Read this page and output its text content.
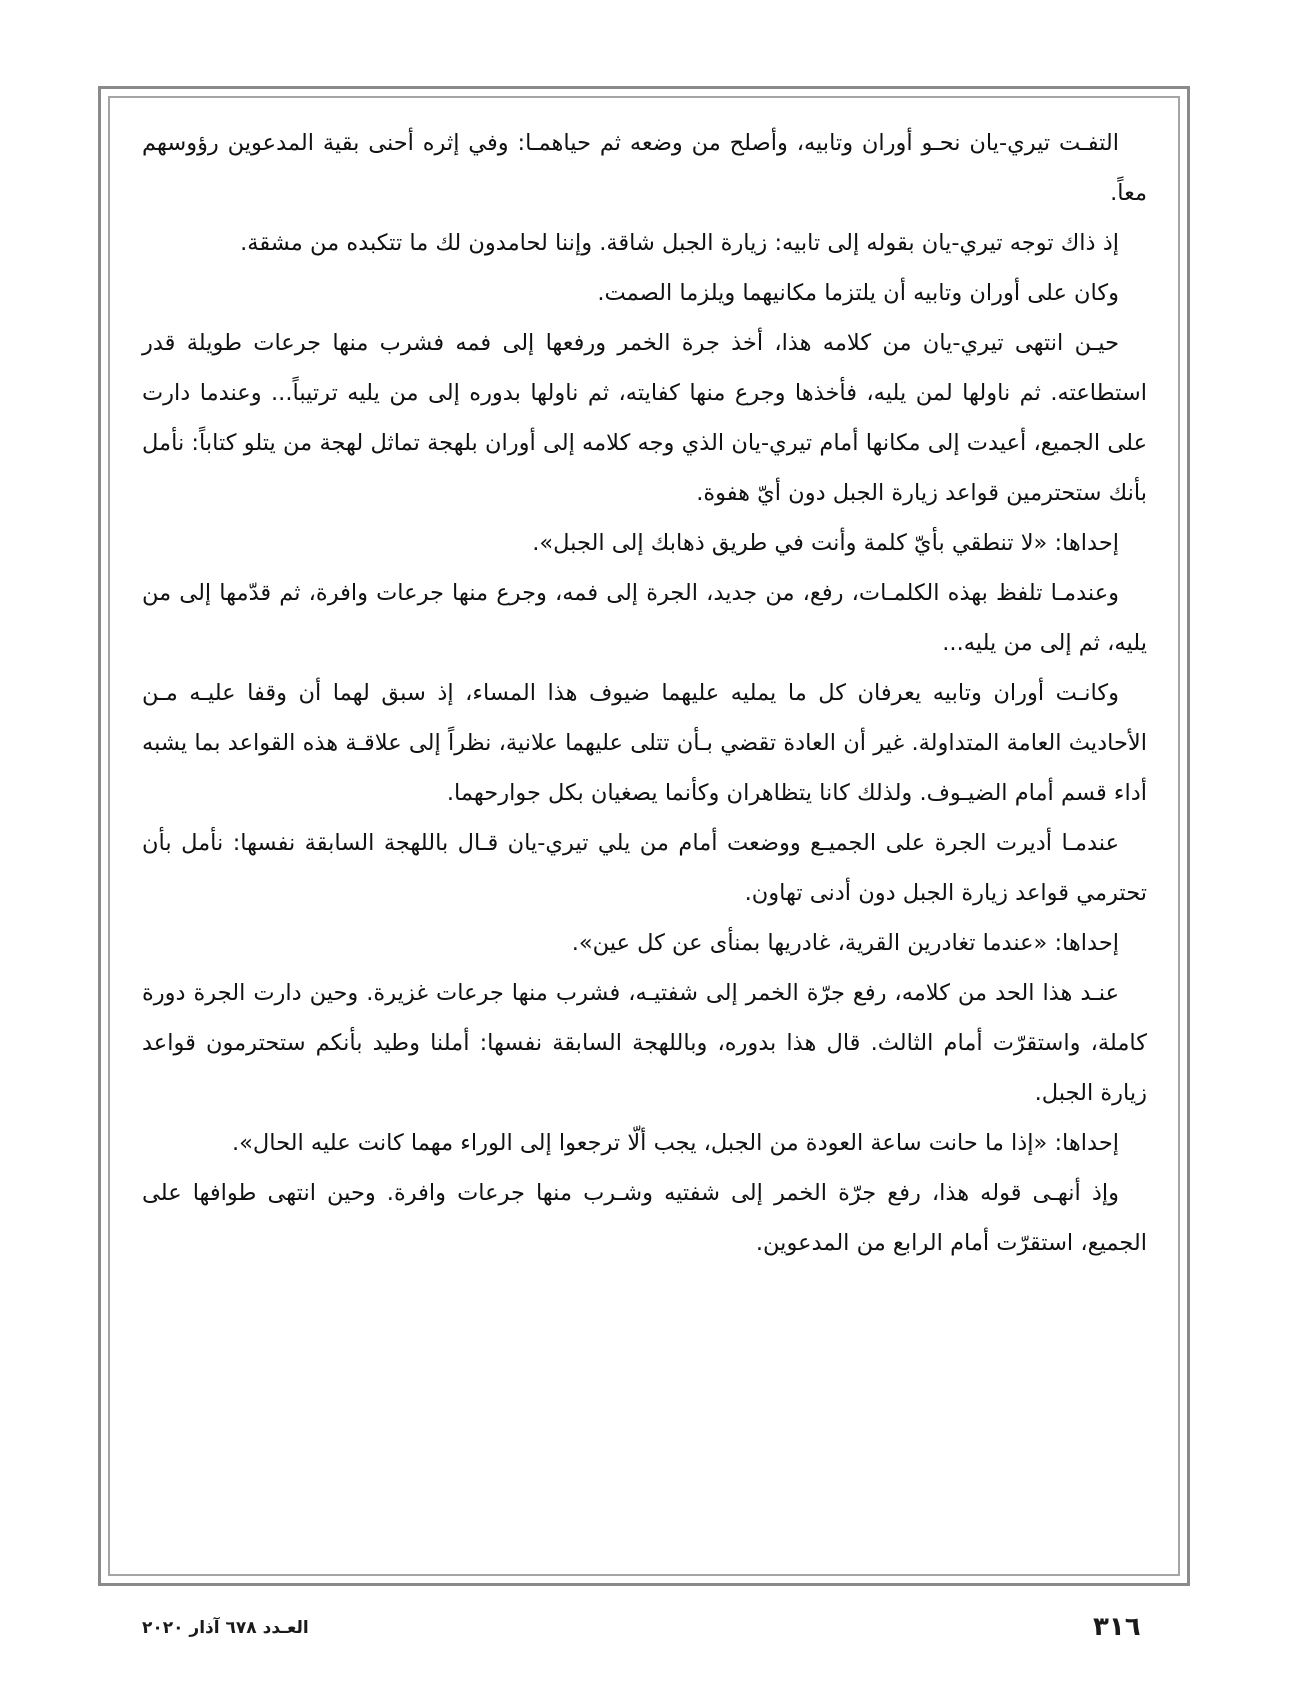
التفـت تيري-يان نحـو أوران وتابيه، وأصلح من وضعه ثم حياهمـا: وفي إثره أحنى بقية المدعوين رؤوسهم معاً.

إذ ذاك توجه تيري-يان بقوله إلى تابيه: زيارة الجبل شاقة. وإننا لحامدون لك ما تتكبده من مشقة.

وكان على أوران وتابيه أن يلتزما مكانيهما ويلزما الصمت.

حيـن انتهى تيري-يان من كلامه هذا، أخذ جرة الخمر ورفعها إلى فمه فشرب منها جرعات طويلة قدر استطاعته. ثم ناولها لمن يليه، فأخذها وجرع منها كفايته، ثم ناولها بدوره إلى من يليه ترتيباً... وعندما دارت على الجميع، أعيدت إلى مكانها أمام تيري-يان الذي وجه كلامه إلى أوران بلهجة تماثل لهجة من يتلو كتاباً: نأمل بأنك ستحترمين قواعد زيارة الجبل دون أيّ هفوة.

إحداها: «لا تنطقي بأيّ كلمة وأنت في طريق ذهابك إلى الجبل».

وعندمـا تلفظ بهذه الكلمـات، رفع، من جديد، الجرة إلى فمه، وجرع منها جرعات وافرة، ثم قدّمها إلى من يليه، ثم إلى من يليه...

وكانـت أوران وتابيه يعرفان كل ما يمليه عليهما ضيوف هذا المساء، إذ سبق لهما أن وقفا عليـه مـن الأحاديث العامة المتداولة. غير أن العادة تقضي بـأن تتلى عليهما علانية، نظراً إلى علاقـة هذه القواعد بما يشبه أداء قسم أمام الضيـوف. ولذلك كانا يتظاهران وكأنما يصغيان بكل جوارحهما.

عندمـا أديرت الجرة على الجميـع ووضعت أمام من يلي تيري-يان قـال باللهجة السابقة نفسها: نأمل بأن تحترمي قواعد زيارة الجبل دون أدنى تهاون.

إحداها: «عندما تغادرين القرية، غادريها بمنأى عن كل عين».

عنـد هذا الحد من كلامه، رفع جرّة الخمر إلى شفتيـه، فشرب منها جرعات غزيرة. وحين دارت الجرة دورة كاملة، واستقرّت أمام الثالث. قال هذا بدوره، وباللهجة السابقة نفسها: أملنا وطيد بأنكم ستحترمون قواعد زيارة الجبل.

إحداها: «إذا ما حانت ساعة العودة من الجبل، يجب ألّا ترجعوا إلى الوراء مهما كانت عليه الحال».

وإذ أنهـى قوله هذا، رفع جرّة الخمر إلى شفتيه وشـرب منها جرعات وافرة. وحين انتهى طوافها على الجميع، استقرّت أمام الرابع من المدعوين.

٣١٦
العـدد ٦٧٨ آذار ٢٠٢٠
